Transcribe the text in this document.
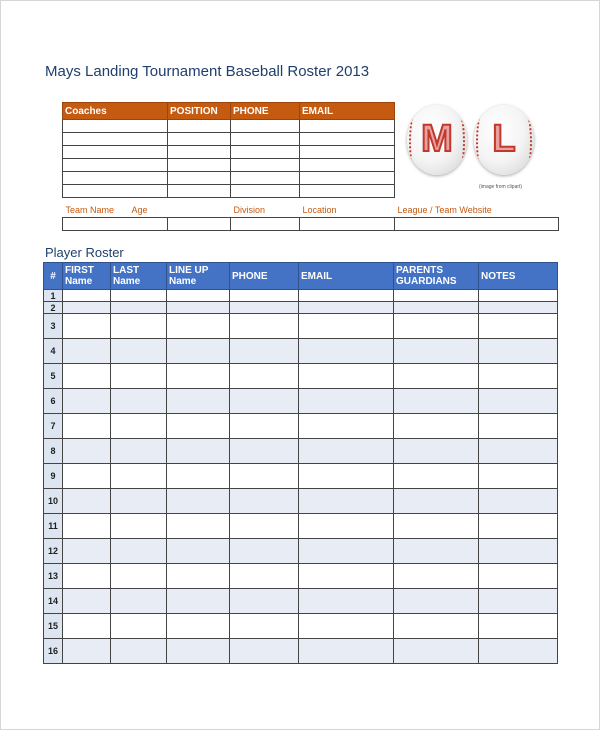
Mays Landing Tournament Baseball Roster 2013
Coaches	POSITION	PHONE	EMAIL

M	L
(image from clipart)
Team Name	Age		Division	Location	League / Team Website

Player Roster
#	FIRST Name	LAST Name	LINE UP Name	PHONE	EMAIL	PARENTS GUARDIANS	NOTES
1							
2							
3							
4							
5							
6							
7							
8							
9							
10							
11							
12							
13							
14							
15							
16							
